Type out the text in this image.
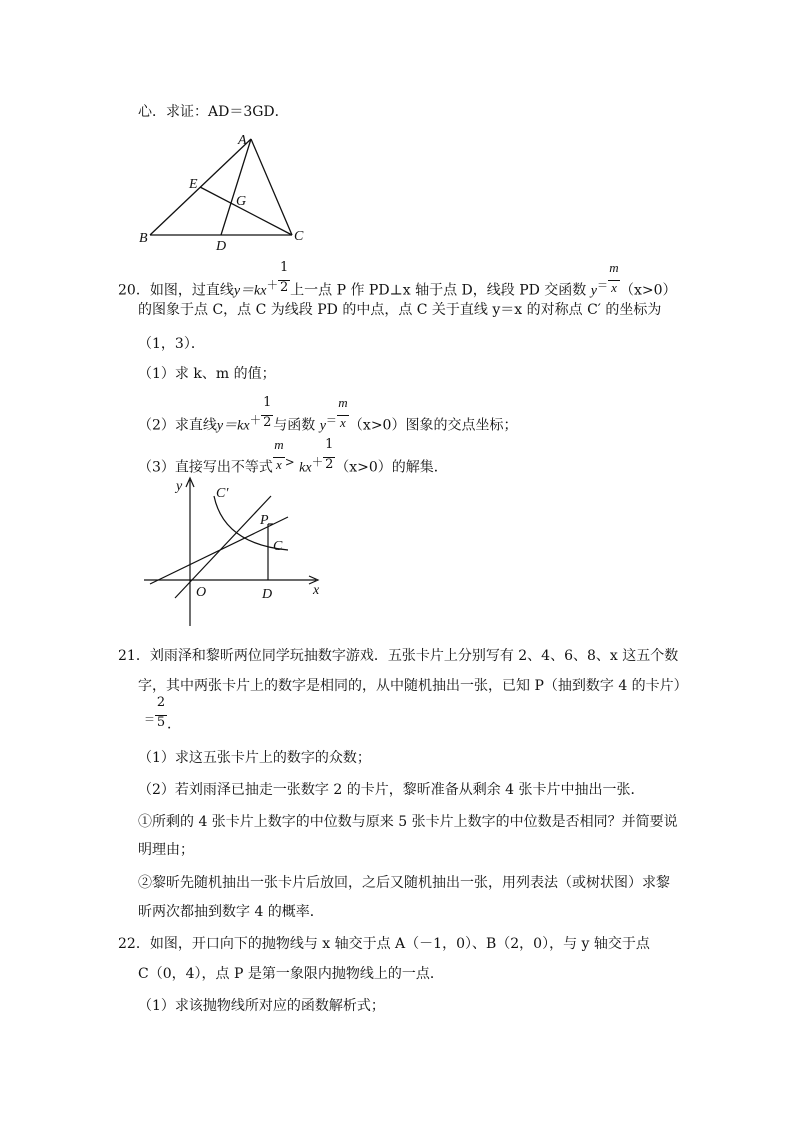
心．求证：AD＝3GD．
A
B	C
D
E
G
20．如图，过直线$y=kx^+ \frac{1}{2}$ 上一点 P 作 PD⊥x 轴于点 D，线段 PD 交函数 $y^= \frac{m}{x} (x>0)$
的图象于点 C，点 C 为线段 PD 的中点，点 C 关于直线 y＝x 的对称点 C′ 的坐标为
（1，3）．
（1）求 k、m 的值；
（2）求直线$y=kx^+ \frac{1}{2}$ 与函数 $y^= \frac{m}{x} (x>0)$图象的交点坐标；
（3）直接写出不等式 $\frac{m}{x} ^>$ $kx^+ \frac{1}{2} (x>0)$的解集．
y
x
O	D
P
C
C′
21．刘雨泽和黎昕两位同学玩抽数字游戏．五张卡片上分别写有 2、4、6、8、x 这五个数
字，其中两张卡片上的数字是相同的，从中随机抽出一张，已知 P（抽到数字 4 的卡片）
$^= \frac{2}{5}$ ．
（1）求这五张卡片上的数字的众数；
（2）若刘雨泽已抽走一张数字 2 的卡片，黎昕准备从剩余 4 张卡片中抽出一张．
①所剩的 4 张卡片上数字的中位数与原来 5 张卡片上数字的中位数是否相同？并简要说
明理由；
②黎昕先随机抽出一张卡片后放回，之后又随机抽出一张，用列表法（或树状图）求黎
昕两次都抽到数字 4 的概率．
22．如图，开口向下的抛物线与 x 轴交于点 A（－1，0）、B（2，0），与 y 轴交于点
C（0，4），点 P 是第一象限内抛物线上的一点．
（1）求该抛物线所对应的函数解析式；
